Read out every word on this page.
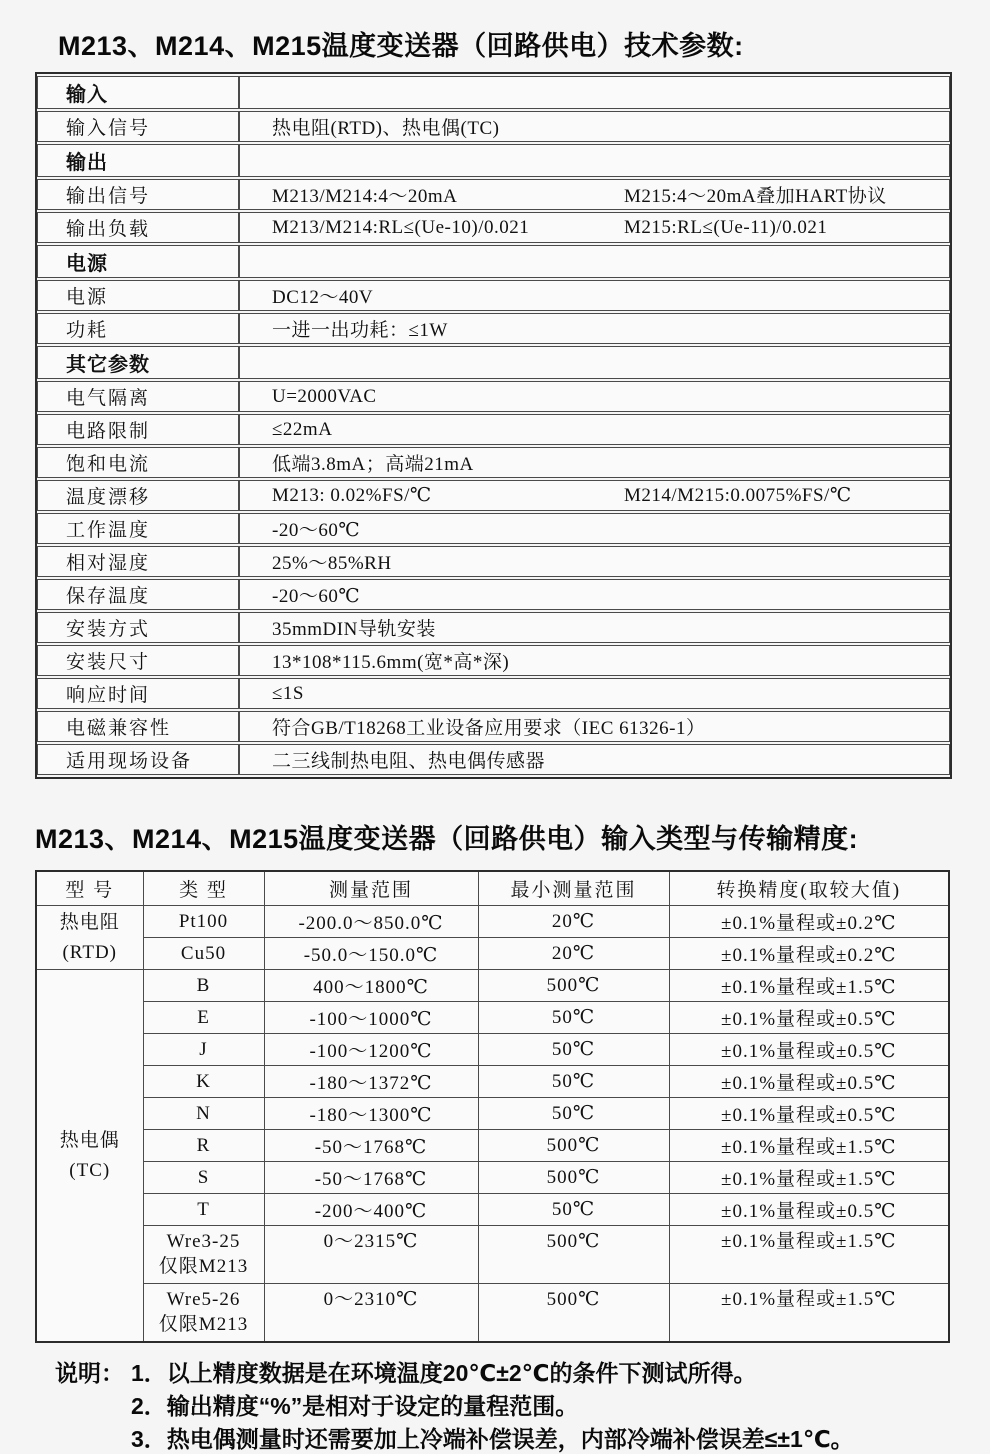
M213、M214、M215温度变送器（回路供电）技术参数:
输入	
输入信号	热电阻(RTD)、热电偶(TC)
输出	
输出信号	M213/M214:4～20mA M215:4～20mA叠加HART协议
输出负载	M213/M214:RL≤(Ue-10)/0.021 M215:RL≤(Ue-11)/0.021
电源	
电源	DC12～40V
功耗	一进一出功耗：≤1W
其它参数	
电气隔离	U=2000VAC
电路限制	≤22mA
饱和电流	低端3.8mA；高端21mA
温度漂移	M213: 0.02%FS/℃ M214/M215:0.0075%FS/℃
工作温度	-20～60℃
相对湿度	25%～85%RH
保存温度	-20～60℃
安装方式	35mmDIN导轨安装
安装尺寸	13*108*115.6mm(宽*高*深)
响应时间	≤1S
电磁兼容性	符合GB/T18268工业设备应用要求（IEC 61326-1）
适用现场设备	二三线制热电阻、热电偶传感器
M213、M214、M215温度变送器（回路供电）输入类型与传输精度:
型 号	类 型	测量范围	最小测量范围	转换精度(取较大值)

热电阻
(RTD)	Pt100	-200.0～850.0℃	20℃	±0.1%量程或±0.2℃

	Cu50	-50.0～150.0℃	20℃	±0.1%量程或±0.2℃

热电偶
(TC)	B	400～1800℃	500℃	±0.1%量程或±1.5℃

	E	-100～1000℃	50℃	±0.1%量程或±0.5℃

	J	-100～1200℃	50℃	±0.1%量程或±0.5℃

	K	-180～1372℃	50℃	±0.1%量程或±0.5℃

	N	-180～1300℃	50℃	±0.1%量程或±0.5℃

	R	-50～1768℃	500℃	±0.1%量程或±1.5℃

	S	-50～1768℃	500℃	±0.1%量程或±1.5℃

	T	-200～400℃	50℃	±0.1%量程或±0.5℃

	Wre3-25
仅限M213	0～2315℃	500℃	±0.1%量程或±1.5℃

	Wre5-26
仅限M213	0～2310℃	500℃	±0.1%量程或±1.5℃
说明： 1．以上精度数据是在环境温度20℃±2℃的条件下测试所得。
2．输出精度“%”是相对于设定的量程范围。
3．热电偶测量时还需要加上冷端补偿误差，内部冷端补偿误差≤±1℃。
